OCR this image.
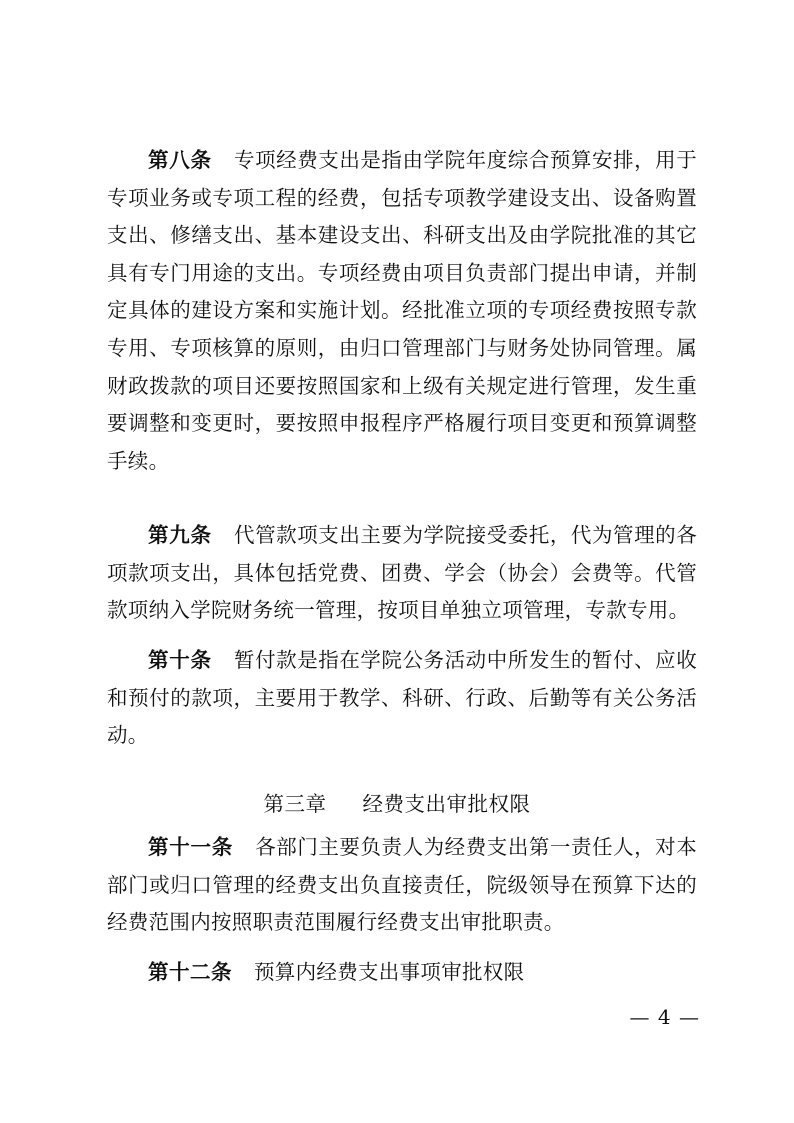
第八条 专项经费支出是指由学院年度综合预算安排，用于专项业务或专项工程的经费，包括专项教学建设支出、设备购置支出、修缮支出、基本建设支出、科研支出及由学院批准的其它具有专门用途的支出。专项经费由项目负责部门提出申请，并制定具体的建设方案和实施计划。经批准立项的专项经费按照专款专用、专项核算的原则，由归口管理部门与财务处协同管理。属财政拨款的项目还要按照国家和上级有关规定进行管理，发生重要调整和变更时，要按照申报程序严格履行项目变更和预算调整手续。

第九条 代管款项支出主要为学院接受委托，代为管理的各项款项支出，具体包括党费、团费、学会（协会）会费等。代管款项纳入学院财务统一管理，按项目单独立项管理，专款专用。

第十条 暂付款是指在学院公务活动中所发生的暂付、应收和预付的款项，主要用于教学、科研、行政、后勤等有关公务活动。

第三章 经费支出审批权限

第十一条 各部门主要负责人为经费支出第一责任人，对本部门或归口管理的经费支出负直接责任，院级领导在预算下达的经费范围内按照职责范围履行经费支出审批职责。

第十二条 预算内经费支出事项审批权限

— 4 —
